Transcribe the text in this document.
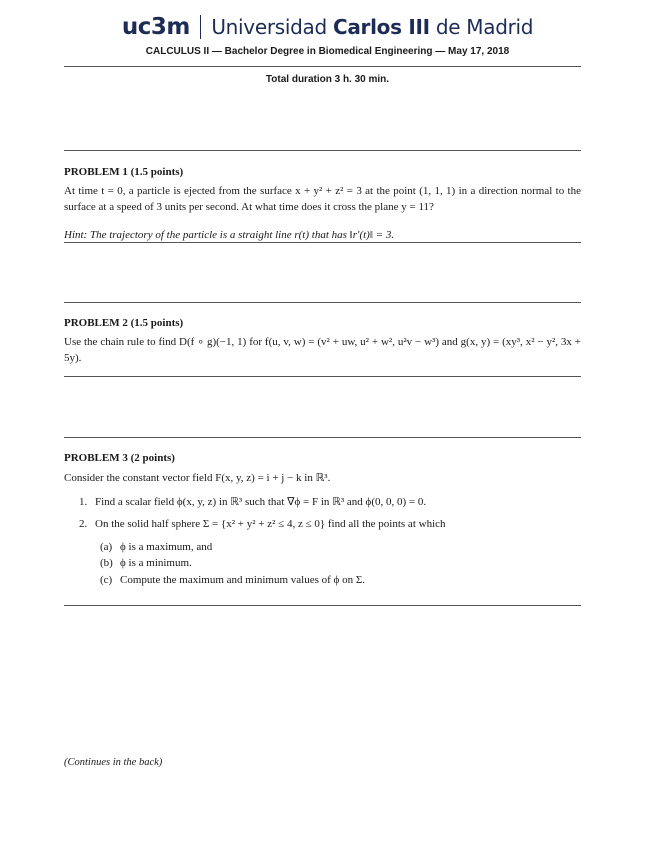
uc3m Universidad Carlos III de Madrid
CALCULUS II — Bachelor Degree in Biomedical Engineering — May 17, 2018
Total duration 3 h. 30 min.
PROBLEM 1 (1.5 points)
At time t = 0, a particle is ejected from the surface x + y² + z² = 3 at the point (1, 1, 1) in a direction normal to the surface at a speed of 3 units per second. At what time does it cross the plane y = 11?
Hint: The trajectory of the particle is a straight line r(t) that has ‖r′(t)‖ = 3.
PROBLEM 2 (1.5 points)
Use the chain rule to find D(f ∘ g)(−1, 1) for f(u, v, w) = (v² + uw, u² + w², u²v − w³) and g(x, y) = (xy³, x² − y², 3x + 5y).
PROBLEM 3 (2 points)
Consider the constant vector field F(x, y, z) = i + j − k in ℝ³.
1. Find a scalar field ϕ(x, y, z) in ℝ³ such that ∇ϕ = F in ℝ³ and ϕ(0, 0, 0) = 0.
2. On the solid half sphere Σ = {x² + y² + z² ≤ 4, z ≤ 0} find all the points at which
(a) ϕ is a maximum, and
(b) ϕ is a minimum.
(c) Compute the maximum and minimum values of ϕ on Σ.
(Continues in the back)
